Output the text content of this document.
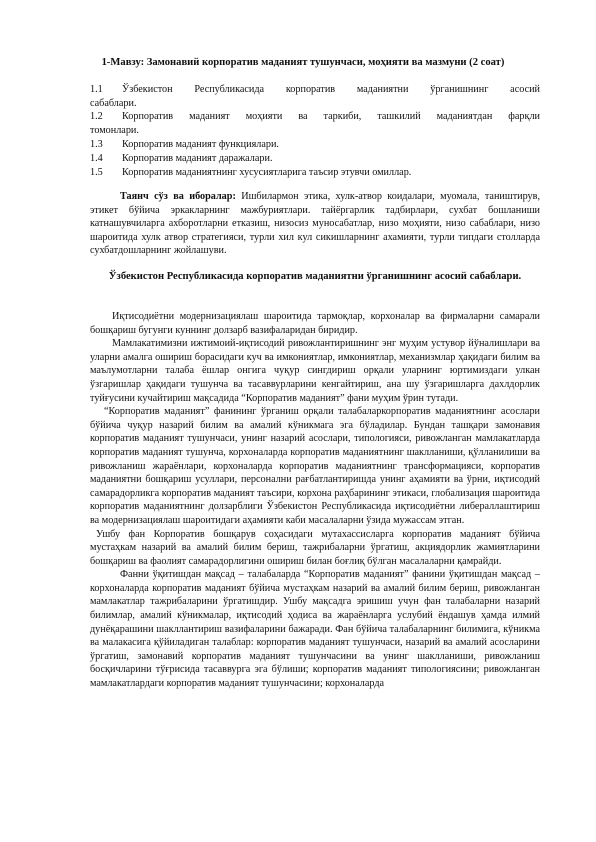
1-Мавзу: Замонавий корпоратив маданият тушунчаси, моҳияти ва мазмуни (2 соат)
1.1	Ўзбекистон Республикасида корпоратив маданиятни ўрганишнинг асосий

сабаблари.

1.2	Корпоратив маданият моҳияти ва таркиби, ташкилий маданиятдан фарқли

томонлари.

1.3	Корпоратив маданият функциялари.

1.4	Корпоратив маданият даражалари.

1.5	Корпоратив маданиятнинг хусусиятларига таъсир этувчи омиллар.

Таянч сўз ва иборалар: Ишбилармон этика, хулк-атвор коидалари, муомала, таништирув, этикет бўйича эркакларнинг мажбуриятлари. тайёргарлик тадбирлари, сухбат бошланиши катнашувчиларга ахборотларни етказиш, низосиз муносабатлар, низо моҳияти, низо сабаблари, низо шароитида хулк атвор стратегияси, турли хил кул сикишларнинг ахамияти, турли типдаги столларда сухбатдошларнинг жойлашуви.

Ўзбекистон Республикасида корпоратив маданиятни ўрганишнинг асосий сабаблари.

Иқтисодиётни модернизациялаш шароитида тармоқлар, корхоналар ва фирмаларни самарали бошқариш бугунги куннинг долзарб вазифаларидан биридир.

Мамлакатимизни ижтимоий-иқтисодий ривожлантиришнинг энг муҳим устувор йўналишлари ва уларни амалга ошириш борасидаги куч ва имкониятлар, имкониятлар, механизмлар ҳақидаги билим ва маълумотларни талаба ёшлар онгига чуқур сингдириш орқали уларнинг юртимиздаги улкан ўзгаришлар ҳақидаги тушунча ва тасаввурларини кенгайтириш, ана шу ўзгаришларга дахлдорлик туйғусини кучайтириш мақсадида “Корпоратив маданият” фани муҳим ўрин тутади.

“Корпоратив маданият” фанининг ўрганиш орқали талабаларкорпоратив маданиятнинг асослари бўйича чуқур назарий билим ва амалий кўникмага эга бўладилар. Бундан ташқари замонавия корпоратив маданият тушунчаси, унинг назарий асослари, типологияси, ривожланган мамлакатларда корпоратив маданият тушунча, корхоналарда корпоратив маданиятнинг шаклланиши, қўлланилиши ва ривожланиш жараёнлари, корхоналарда корпоратив маданиятнинг трансформацияси, корпоратив маданиятни бошқариш усуллари, персонални рағбатлантиришда унинг аҳамияти ва ўрни, иқтисодий самарадорликга корпоратив маданият таъсири, корхона раҳбарининг этикаси, глобализация шароитида корпоратив маданиятнинг долзарблиги Ўзбекистон Республикасида иқтисодиётни либераллаштириш ва модернизациялаш шароитидаги аҳамияти каби масалаларни ўзида мужассам этган.

Ушбу фан Корпоратив бошқарув соҳасидаги мутахассисларга корпоратив маданият бўйича мустаҳкам назарий ва амалий билим бериш, тажрибаларни ўргатиш, акциядорлик жамиятларини бошқариш ва фаолият самарадорлигини ошириш билан боғлиқ бўлган масалаларни қамрайди.

Фанни ўқитишдан мақсад – талабаларда “Корпоратив маданият” фанини ўқитишдан мақсад – корхоналарда корпоратив маданият бўйича мустаҳкам назарий ва амалий билим бериш, ривожланган мамлакатлар тажрибаларини ўргатишдир. Ушбу мақсадга эришиш учун фан талабаларни назарий билимлар, амалий кўникмалар, иқтисодий ҳодиса ва жараёнларга услубий ёндашув ҳамда илмий дунёқарашини шакллантириш вазифаларини бажаради. Фан бўйича талабаларнинг билимига, кўникма ва малакасига қўйиладиган талаблар: корпоратив маданият тушунчаси, назарий ва амалий асосларини ўргатиш, замонавий корпоратив маданият тушунчасини ва унинг шаклланиши, ривожланиш босқичларини тўғрисида тасаввурга эга бўлиши; корпоратив маданият типологиясини; ривожланган мамлакатлардаги корпоратив маданият тушунчасини; корхоналарда
